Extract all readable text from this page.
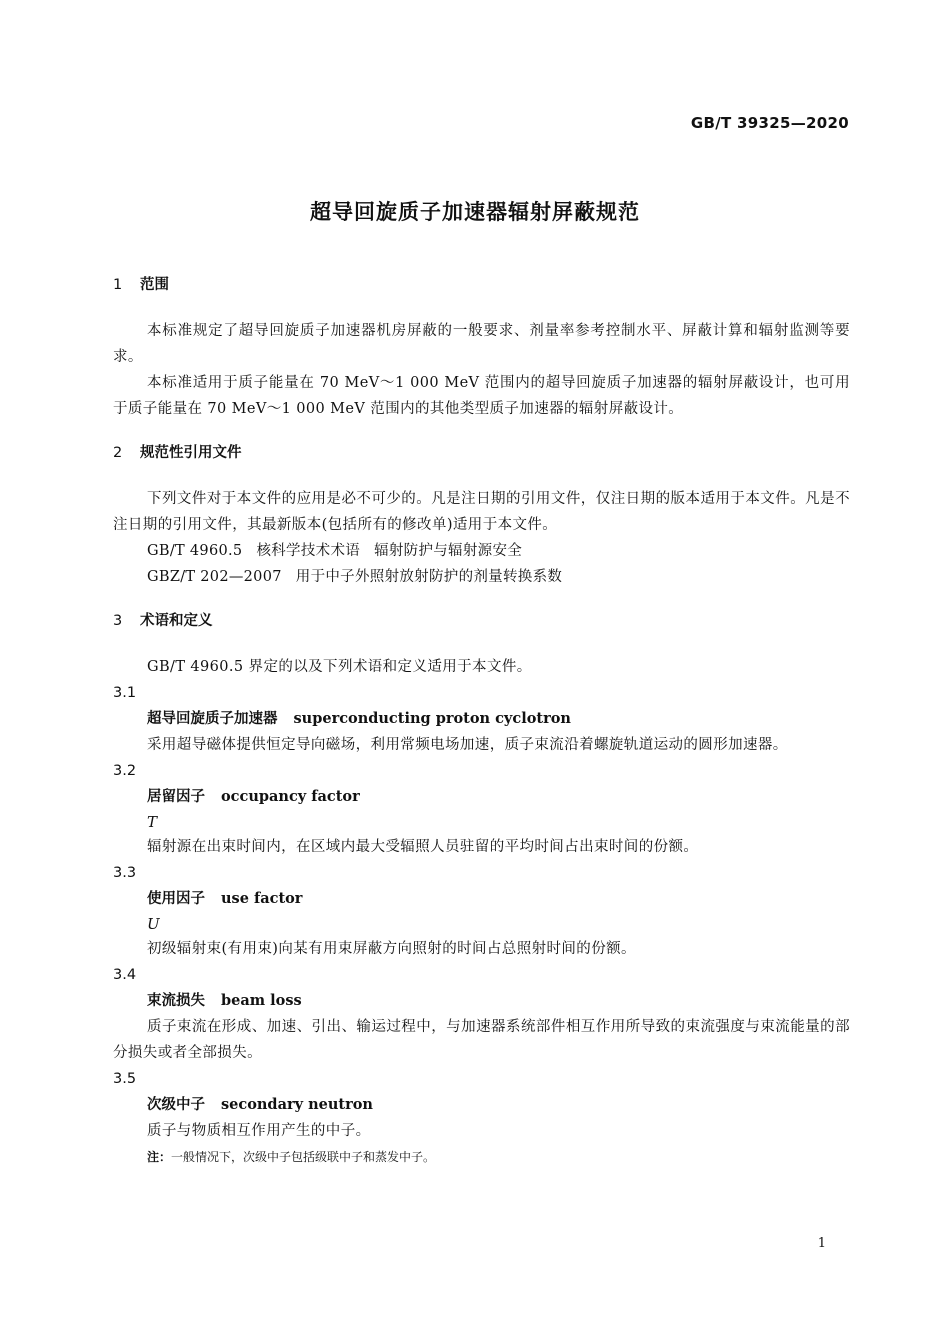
GB/T 39325—2020
超导回旋质子加速器辐射屏蔽规范
1	范围
本标准规定了超导回旋质子加速器机房屏蔽的一般要求、剂量率参考控制水平、屏蔽计算和辐射监测等要求。
本标准适用于质子能量在 70 MeV～1 000 MeV 范围内的超导回旋质子加速器的辐射屏蔽设计，也可用于质子能量在 70 MeV～1 000 MeV 范围内的其他类型质子加速器的辐射屏蔽设计。
2	规范性引用文件
下列文件对于本文件的应用是必不可少的。凡是注日期的引用文件，仅注日期的版本适用于本文件。凡是不注日期的引用文件，其最新版本(包括所有的修改单)适用于本文件。
GB/T 4960.5 核科学技术术语 辐射防护与辐射源安全
GBZ/T 202—2007 用于中子外照射放射防护的剂量转换系数
3	术语和定义
GB/T 4960.5 界定的以及下列术语和定义适用于本文件。
3.1
超导回旋质子加速器 superconducting proton cyclotron
采用超导磁体提供恒定导向磁场，利用常频电场加速，质子束流沿着螺旋轨道运动的圆形加速器。
3.2
居留因子 occupancy factor
T
辐射源在出束时间内，在区域内最大受辐照人员驻留的平均时间占出束时间的份额。
3.3
使用因子 use factor
U
初级辐射束(有用束)向某有用束屏蔽方向照射的时间占总照射时间的份额。
3.4
束流损失 beam loss
质子束流在形成、加速、引出、输运过程中，与加速器系统部件相互作用所导致的束流强度与束流能量的部分损失或者全部损失。
3.5
次级中子 secondary neutron
质子与物质相互作用产生的中子。
注：一般情况下，次级中子包括级联中子和蒸发中子。
1
